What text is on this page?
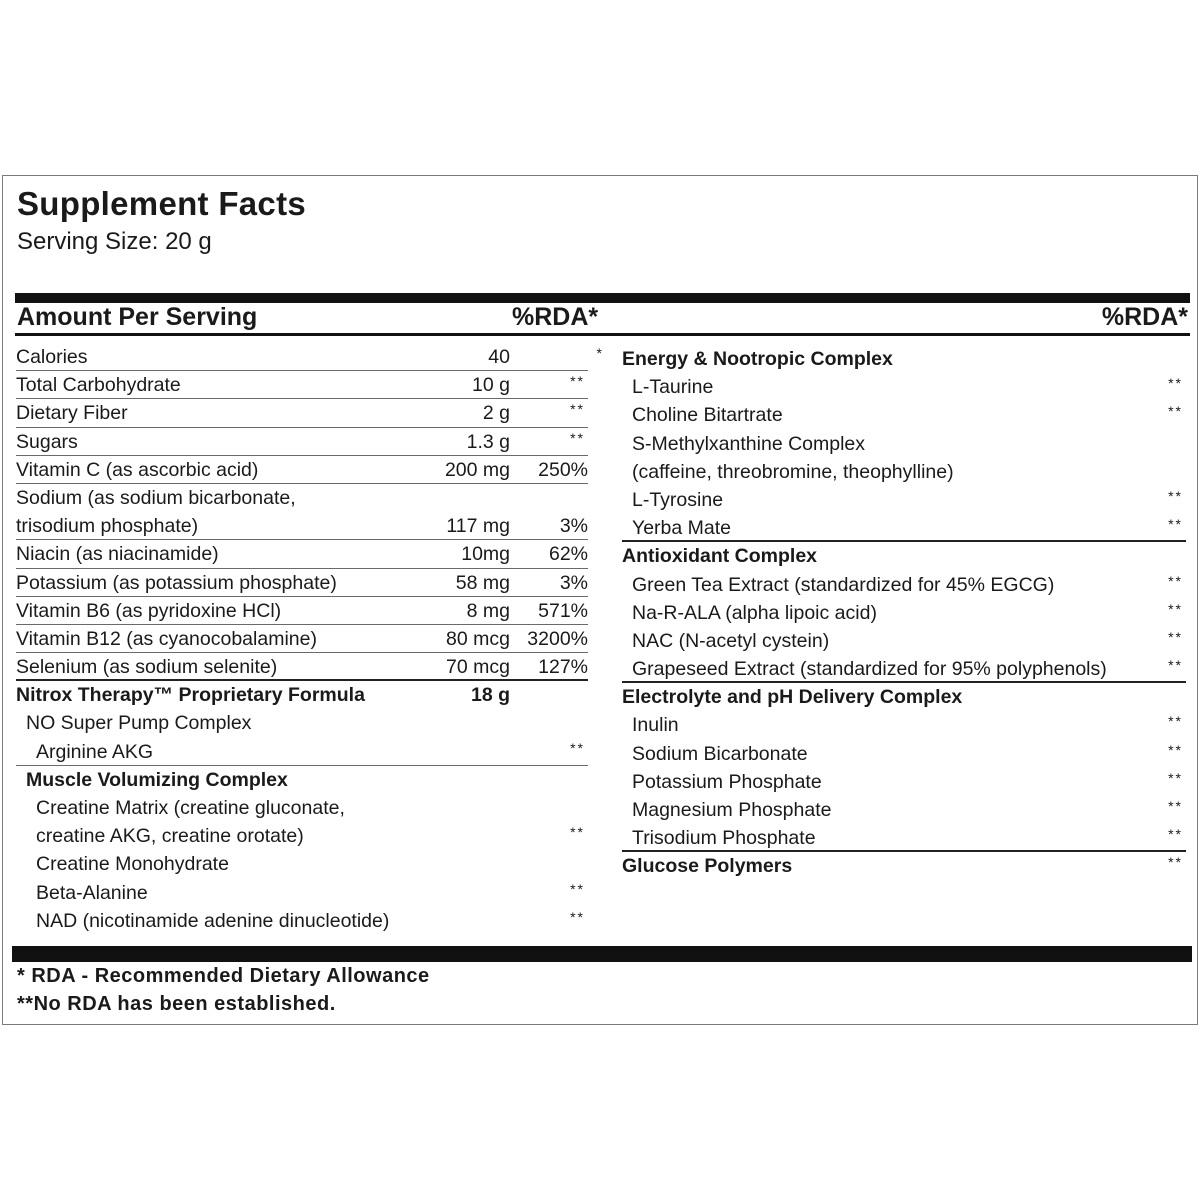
Supplement Facts
Serving Size: 20 g
Amount Per Serving	%RDA*	%RDA*
Calories	40	*
Total Carbohydrate	10 g	**
Dietary Fiber	2 g	**
Sugars	1.3 g	**
Vitamin C (as ascorbic acid)	200 mg 250%
Sodium (as sodium bicarbonate,
trisodium phosphate)	117 mg	3%
Niacin (as niacinamide)	10mg 62%
Potassium (as potassium phosphate)	58 mg	3%
Vitamin B6 (as pyridoxine HCl)	8 mg 571%
Vitamin B12 (as cyanocobalamine)	80 mcg 3200%
Selenium (as sodium selenite)	70 mcg 127%
Nitrox Therapy™ Proprietary Formula	18 g
NO Super Pump Complex
Arginine AKG	**
Muscle Volumizing Complex
Creatine Matrix (creatine gluconate,
creatine AKG, creatine orotate)	**
Creatine Monohydrate
Beta-Alanine	**
NAD (nicotinamide adenine dinucleotide)	**
Energy & Nootropic Complex
L-Taurine	**
Choline Bitartrate	**
S-Methylxanthine Complex
(caffeine, threobromine, theophylline)
L-Tyrosine	**
Yerba Mate	**
Antioxidant Complex
Green Tea Extract (standardized for 45% EGCG)	**
Na-R-ALA (alpha lipoic acid)	**
NAC (N-acetyl cystein)	**
Grapeseed Extract (standardized for 95% polyphenols)	**
Electrolyte and pH Delivery Complex
Inulin	**
Sodium Bicarbonate	**
Potassium Phosphate	**
Magnesium Phosphate	**
Trisodium Phosphate	**
Glucose Polymers	**
* RDA - Recommended Dietary Allowance
**No RDA has been established.
